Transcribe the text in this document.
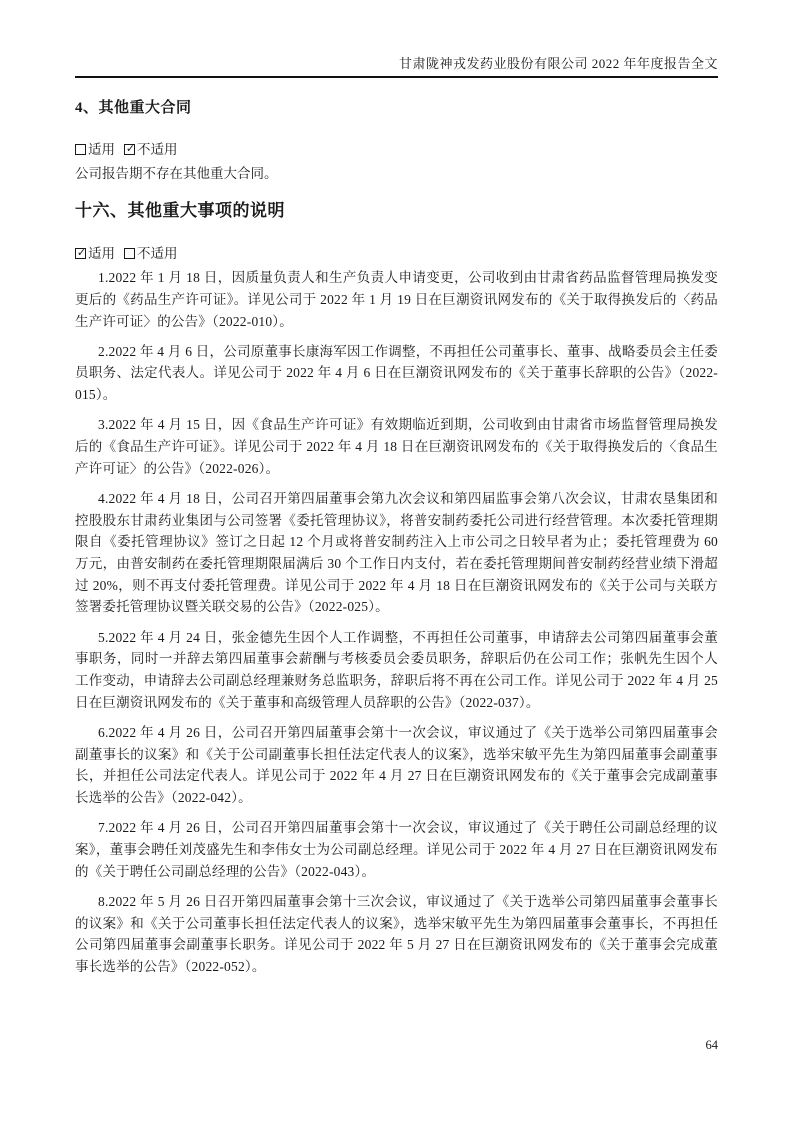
甘肃陇神戎发药业股份有限公司 2022 年年度报告全文
4、其他重大合同
适用 ✓ 不适用
公司报告期不存在其他重大合同。
十六、其他重大事项的说明
✓ 适用 不适用

1.2022 年 1 月 18 日，因质量负责人和生产负责人申请变更，公司收到由甘肃省药品监督管理局换发变更后的《药品生产许可证》。详见公司于 2022 年 1 月 19 日在巨潮资讯网发布的《关于取得换发后的〈药品生产许可证〉的公告》（2022-010）。

2.2022 年 4 月 6 日，公司原董事长康海军因工作调整，不再担任公司董事长、董事、战略委员会主任委员职务、法定代表人。详见公司于 2022 年 4 月 6 日在巨潮资讯网发布的《关于董事长辞职的公告》（2022-015）。

3.2022 年 4 月 15 日，因《食品生产许可证》有效期临近到期，公司收到由甘肃省市场监督管理局换发后的《食品生产许可证》。详见公司于 2022 年 4 月 18 日在巨潮资讯网发布的《关于取得换发后的〈食品生产许可证〉的公告》（2022-026）。

4.2022 年 4 月 18 日，公司召开第四届董事会第九次会议和第四届监事会第八次会议，甘肃农垦集团和控股股东甘肃药业集团与公司签署《委托管理协议》，将普安制药委托公司进行经营管理。本次委托管理期限自《委托管理协议》签订之日起 12 个月或将普安制药注入上市公司之日较早者为止；委托管理费为 60 万元，由普安制药在委托管理期限届满后 30 个工作日内支付，若在委托管理期间普安制药经营业绩下滑超过 20%，则不再支付委托管理费。详见公司于 2022 年 4 月 18 日在巨潮资讯网发布的《关于公司与关联方签署委托管理协议暨关联交易的公告》（2022-025）。

5.2022 年 4 月 24 日，张金德先生因个人工作调整，不再担任公司董事，申请辞去公司第四届董事会董事职务，同时一并辞去第四届董事会薪酬与考核委员会委员职务，辞职后仍在公司工作；张帆先生因个人工作变动，申请辞去公司副总经理兼财务总监职务，辞职后将不再在公司工作。详见公司于 2022 年 4 月 25 日在巨潮资讯网发布的《关于董事和高级管理人员辞职的公告》（2022-037）。

6.2022 年 4 月 26 日，公司召开第四届董事会第十一次会议，审议通过了《关于选举公司第四届董事会副董事长的议案》和《关于公司副董事长担任法定代表人的议案》，选举宋敏平先生为第四届董事会副董事长，并担任公司法定代表人。详见公司于 2022 年 4 月 27 日在巨潮资讯网发布的《关于董事会完成副董事长选举的公告》（2022-042）。

7.2022 年 4 月 26 日，公司召开第四届董事会第十一次会议，审议通过了《关于聘任公司副总经理的议案》，董事会聘任刘茂盛先生和李伟女士为公司副总经理。详见公司于 2022 年 4 月 27 日在巨潮资讯网发布的《关于聘任公司副总经理的公告》（2022-043）。

8.2022 年 5 月 26 日召开第四届董事会第十三次会议，审议通过了《关于选举公司第四届董事会董事长的议案》和《关于公司董事长担任法定代表人的议案》，选举宋敏平先生为第四届董事会董事长，不再担任公司第四届董事会副董事长职务。详见公司于 2022 年 5 月 27 日在巨潮资讯网发布的《关于董事会完成董事长选举的公告》（2022-052）。

64
